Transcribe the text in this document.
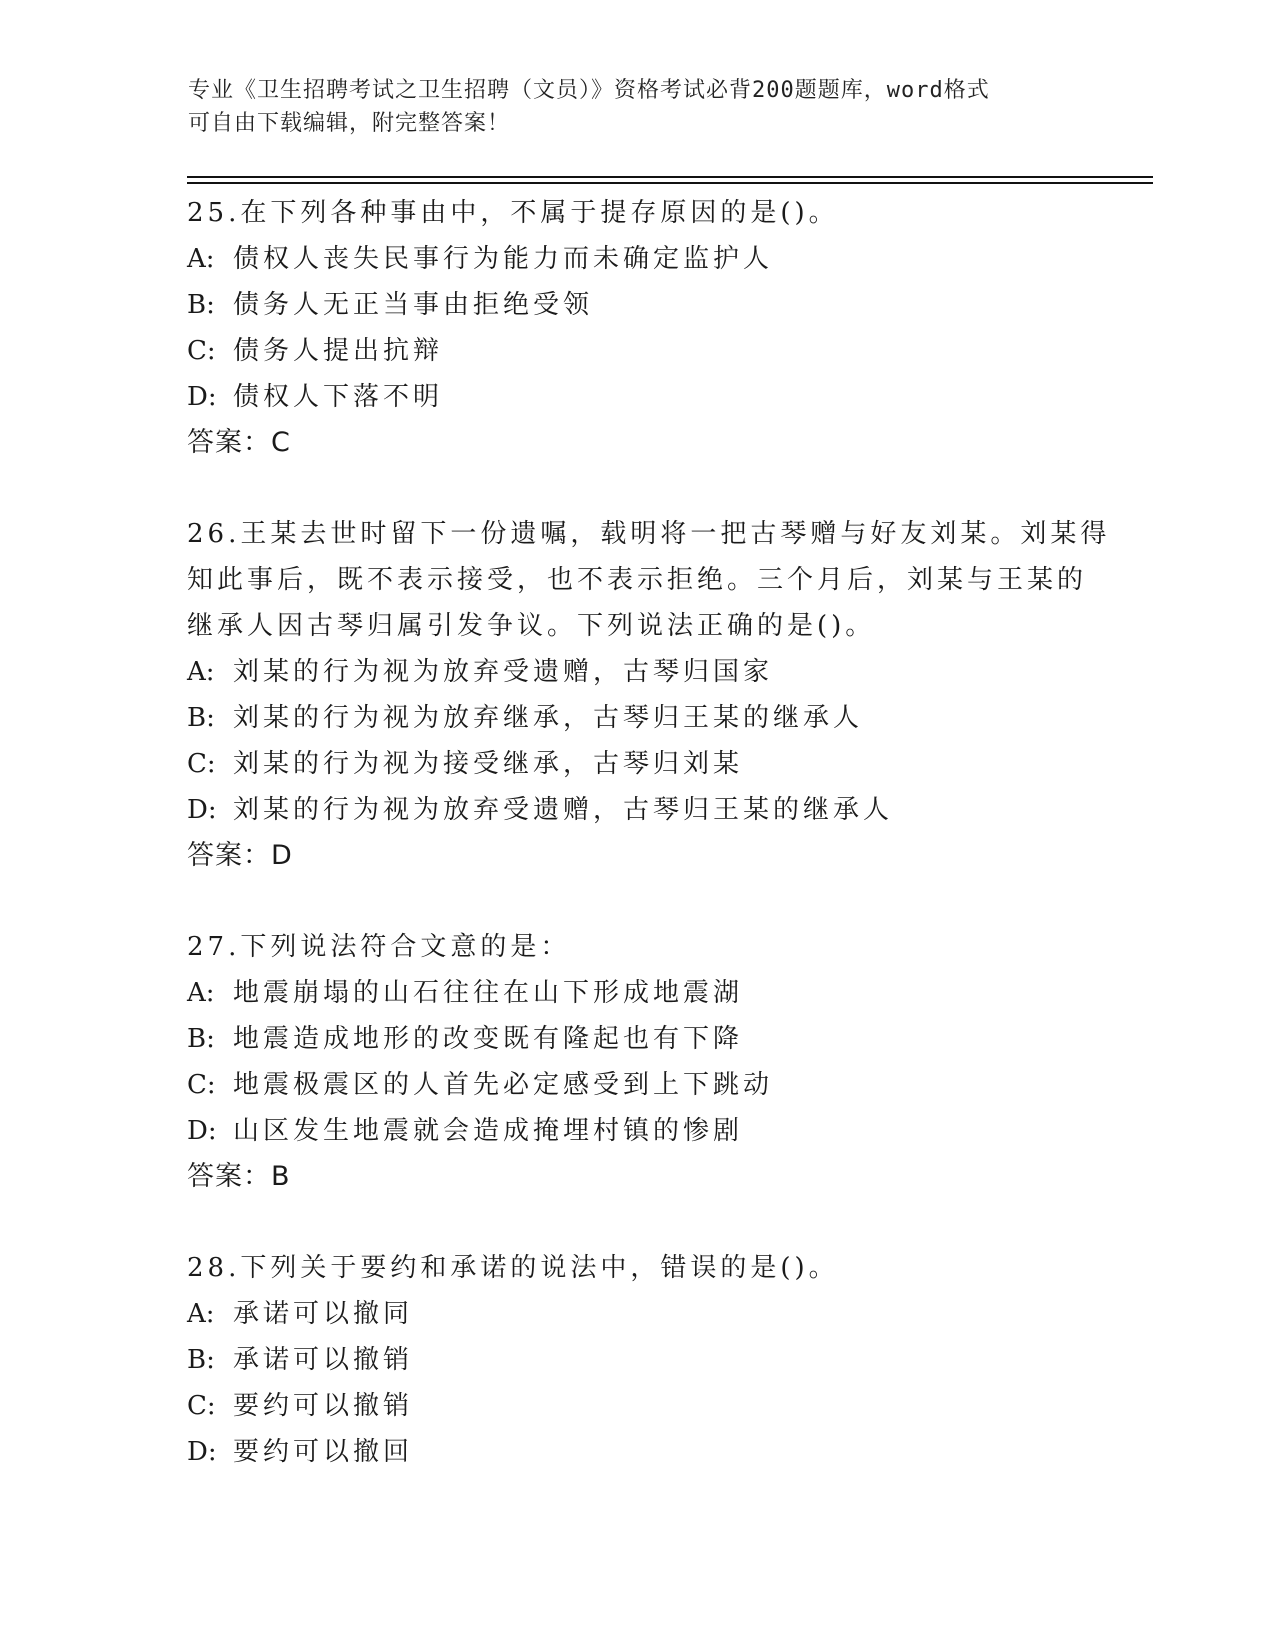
专业《卫生招聘考试之卫生招聘（文员）》资格考试必背200题题库，word格式
可自由下载编辑，附完整答案！
25.在下列各种事由中，不属于提存原因的是()。
A: 债权人丧失民事行为能力而未确定监护人
B: 债务人无正当事由拒绝受领
C: 债务人提出抗辩
D: 债权人下落不明
答案：C
26.王某去世时留下一份遗嘱，载明将一把古琴赠与好友刘某。刘某得
知此事后，既不表示接受，也不表示拒绝。三个月后，刘某与王某的
继承人因古琴归属引发争议。下列说法正确的是()。
A: 刘某的行为视为放弃受遗赠，古琴归国家
B: 刘某的行为视为放弃继承，古琴归王某的继承人
C: 刘某的行为视为接受继承，古琴归刘某
D: 刘某的行为视为放弃受遗赠，古琴归王某的继承人
答案：D
27.下列说法符合文意的是：
A: 地震崩塌的山石往往在山下形成地震湖
B: 地震造成地形的改变既有隆起也有下降
C: 地震极震区的人首先必定感受到上下跳动
D: 山区发生地震就会造成掩埋村镇的惨剧
答案：B
28.下列关于要约和承诺的说法中，错误的是()。
A: 承诺可以撤同
B: 承诺可以撤销
C: 要约可以撤销
D: 要约可以撤回
